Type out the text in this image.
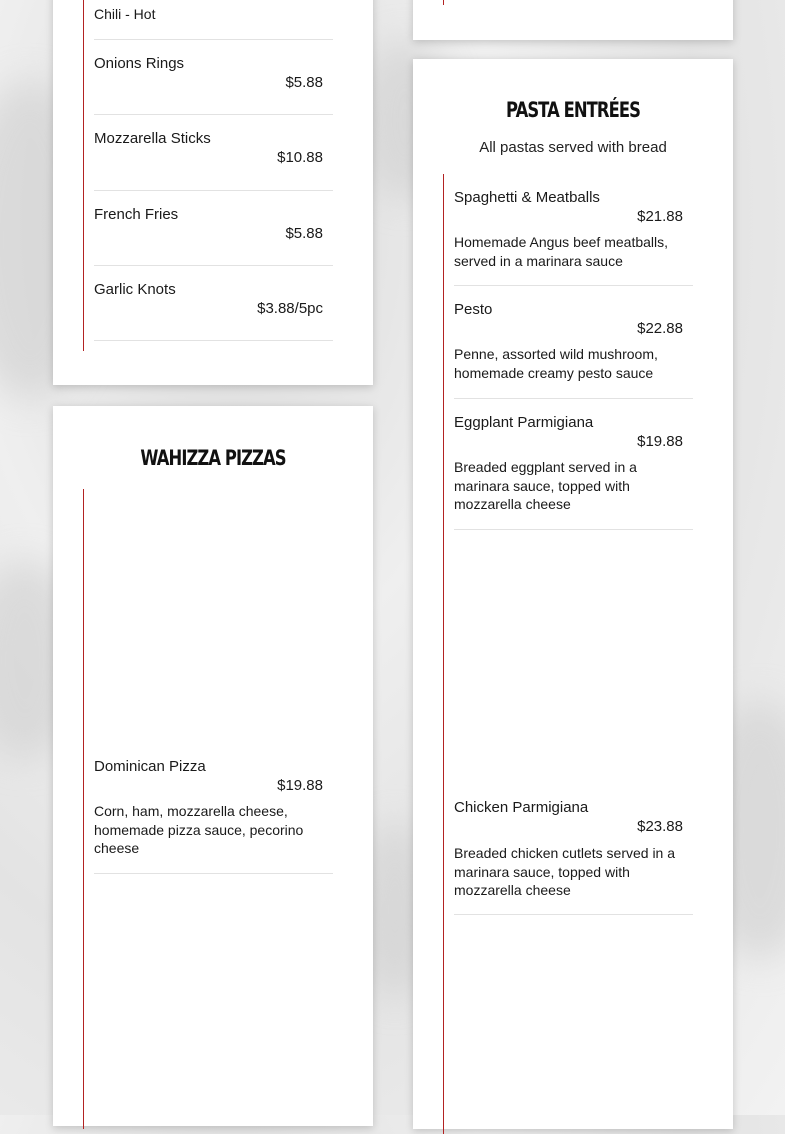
Chili - Hot
Onions Rings
$5.88
Mozzarella Sticks
$10.88
French Fries
$5.88
Garlic Knots
$3.88/5pc
WAHIZZA PIZZAS
Dominican Pizza
$19.88
Corn, ham, mozzarella cheese, homemade pizza sauce, pecorino cheese
PASTA ENTRÉES
All pastas served with bread
Spaghetti & Meatballs
$21.88
Homemade Angus beef meatballs, served in a marinara sauce
Pesto
$22.88
Penne, assorted wild mushroom, homemade creamy pesto sauce
Eggplant Parmigiana
$19.88
Breaded eggplant served in a marinara sauce, topped with mozzarella cheese
Chicken Parmigiana
$23.88
Breaded chicken cutlets served in a marinara sauce, topped with mozzarella cheese
